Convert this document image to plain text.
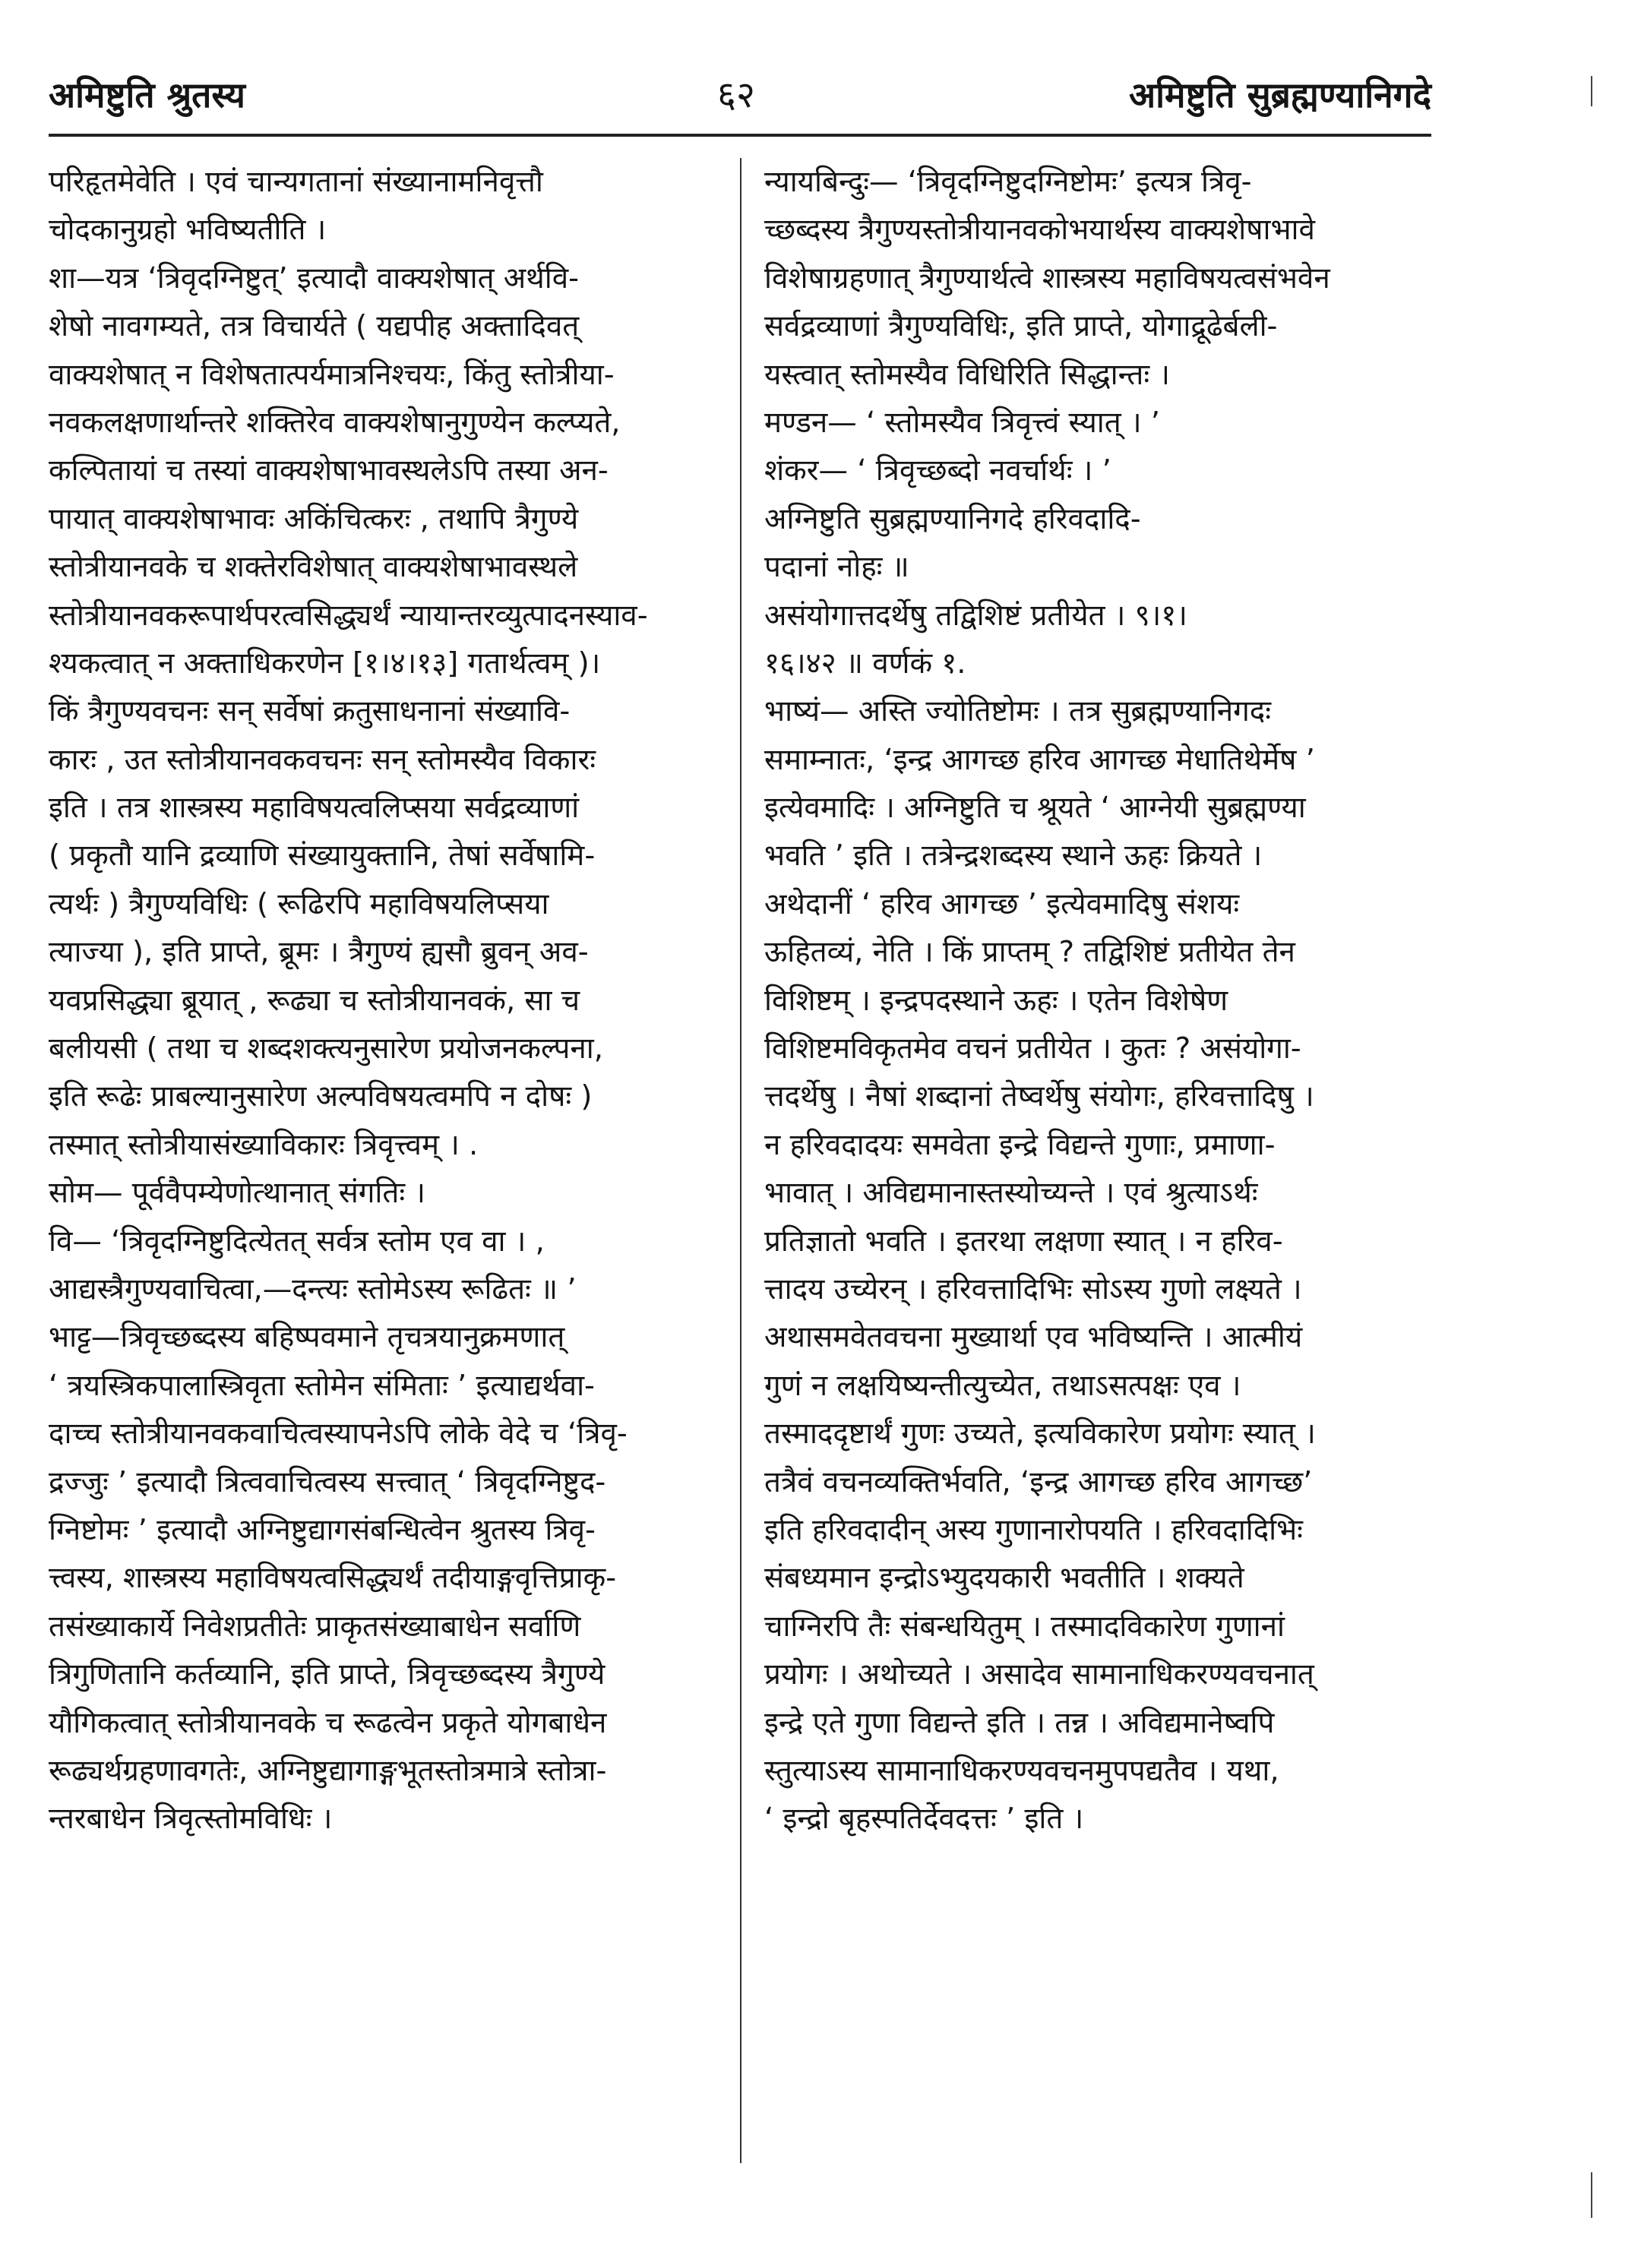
अमिष्टुति श्रुतस्य	६२	अमिष्टुति सुब्रह्मण्यानिगदे
परिहृतमेवेति । एवं चान्यगतानां संख्यानामनिवृत्तौ
चोदकानुग्रहो भविष्यतीति ।
शा—यत्र ‘त्रिवृदग्निष्टुत्’ इत्यादौ वाक्यशेषात् अर्थवि-
शेषो नावगम्यते, तत्र विचार्यते ( यद्यपीह अक्तादिवत्
वाक्यशेषात् न विशेषतात्पर्यमात्रनिश्चयः, किंतु स्तोत्रीया-
नवकलक्षणार्थान्तरे शक्तिरेव वाक्यशेषानुगुण्येन कल्प्यते,
कल्पितायां च तस्यां वाक्यशेषाभावस्थलेऽपि तस्या अन-
पायात् वाक्यशेषाभावः अकिंचित्करः , तथापि त्रैगुण्ये
स्तोत्रीयानवके च शक्तेरविशेषात् वाक्यशेषाभावस्थले
स्तोत्रीयानवकरूपार्थपरत्वसिद्ध्यर्थं न्यायान्तरव्युत्पादनस्याव-
श्यकत्वात् न अक्ताधिकरणेन [१।४।१३] गतार्थत्वम् )।
किं त्रैगुण्यवचनः सन् सर्वेषां क्रतुसाधनानां संख्यावि-
कारः , उत स्तोत्रीयानवकवचनः सन् स्तोमस्यैव विकारः
इति । तत्र शास्त्रस्य महाविषयत्वलिप्सया सर्वद्रव्याणां
( प्रकृतौ यानि द्रव्याणि संख्यायुक्तानि, तेषां सर्वेषामि-
त्यर्थः ) त्रैगुण्यविधिः ( रूढिरपि महाविषयलिप्सया
त्याज्या ), इति प्राप्ते, ब्रूमः । त्रैगुण्यं ह्यसौ ब्रुवन् अव-
यवप्रसिद्ध्या ब्रूयात् , रूढ्या च स्तोत्रीयानवकं, सा च
बलीयसी ( तथा च शब्दशक्त्यनुसारेण प्रयोजनकल्पना,
इति रूढेः प्राबल्यानुसारेण अल्पविषयत्वमपि न दोषः )
तस्मात् स्तोत्रीयासंख्याविकारः त्रिवृत्त्वम् । .
सोम— पूर्ववैपम्येणोत्थानात् संगतिः ।
वि— ‘त्रिवृदग्निष्टुदित्येतत् सर्वत्र स्तोम एव वा । ,
आद्यस्त्रैगुण्यवाचित्वा,—दन्त्यः स्तोमेऽस्य रूढितः ॥ ’
भाट्ट—त्रिवृच्छब्दस्य बहिष्पवमाने तृचत्रयानुक्रमणात्
‘ त्रयस्त्रिकपालास्त्रिवृता स्तोमेन संमिताः ’ इत्याद्यर्थवा-
दाच्च स्तोत्रीयानवकवाचित्वस्यापनेऽपि लोके वेदे च ‘त्रिवृ-
द्रज्जुः ’ इत्यादौ त्रित्ववाचित्वस्य सत्त्वात् ‘ त्रिवृदग्निष्टुद-
ग्निष्टोमः ’ इत्यादौ अग्निष्टुद्यागसंबन्धित्वेन श्रुतस्य त्रिवृ-
त्त्वस्य, शास्त्रस्य महाविषयत्वसिद्ध्यर्थं तदीयाङ्गवृत्तिप्राकृ-
तसंख्याकार्ये निवेशप्रतीतेः प्राकृतसंख्याबाधेन सर्वाणि
त्रिगुणितानि कर्तव्यानि, इति प्राप्ते, त्रिवृच्छब्दस्य त्रैगुण्ये
यौगिकत्वात् स्तोत्रीयानवके च रूढत्वेन प्रकृते योगबाधेन
रूढ्यर्थग्रहणावगतेः, अग्निष्टुद्यागाङ्गभूतस्तोत्रमात्रे स्तोत्रा-
न्तरबाधेन त्रिवृत्स्तोमविधिः ।
न्यायबिन्दुः— ‘त्रिवृदग्निष्टुदग्निष्टोमः’ इत्यत्र त्रिवृ-
च्छब्दस्य त्रैगुण्यस्तोत्रीयानवकोभयार्थस्य वाक्यशेषाभावे
विशेषाग्रहणात् त्रैगुण्यार्थत्वे शास्त्रस्य महाविषयत्वसंभवेन
सर्वद्रव्याणां त्रैगुण्यविधिः, इति प्राप्ते, योगाद्रूढेर्बली-
यस्त्वात् स्तोमस्यैव विधिरिति सिद्धान्तः ।
मण्डन— ‘ स्तोमस्यैव त्रिवृत्त्वं स्यात् । ’
शंकर— ‘ त्रिवृच्छब्दो नवर्चार्थः । ’
अग्निष्टुति सुब्रह्मण्यानिगदे हरिवदादि-
पदानां नोहः ॥
असंयोगात्तदर्थेषु तद्विशिष्टं प्रतीयेत । ९।१।
१६।४२ ॥ वर्णकं १.
भाष्यं— अस्ति ज्योतिष्टोमः । तत्र सुब्रह्मण्यानिगदः
समाम्नातः, ‘इन्द्र आगच्छ हरिव आगच्छ मेधातिथेर्मेष ’
इत्येवमादिः । अग्निष्टुति च श्रूयते ‘ आग्नेयी सुब्रह्मण्या
भवति ’ इति । तत्रेन्द्रशब्दस्य स्थाने ऊहः क्रियते ।
अथेदानीं ‘ हरिव आगच्छ ’ इत्येवमादिषु संशयः
ऊहितव्यं, नेति । किं प्राप्तम् ? तद्विशिष्टं प्रतीयेत तेन
विशिष्टम् । इन्द्रपदस्थाने ऊहः । एतेन विशेषेण
विशिष्टमविकृतमेव वचनं प्रतीयेत । कुतः ? असंयोगा-
त्तदर्थेषु । नैषां शब्दानां तेष्वर्थेषु संयोगः, हरिवत्तादिषु ।
न हरिवदादयः समवेता इन्द्रे विद्यन्ते गुणाः, प्रमाणा-
भावात् । अविद्यमानास्तस्योच्यन्ते । एवं श्रुत्याऽर्थः
प्रतिज्ञातो भवति । इतरथा लक्षणा स्यात् । न हरिव-
त्तादय उच्येरन् । हरिवत्तादिभिः सोऽस्य गुणो लक्ष्यते ।
अथासमवेतवचना मुख्यार्था एव भविष्यन्ति । आत्मीयं
गुणं न लक्षयिष्यन्तीत्युच्येत, तथाऽसत्पक्षः एव ।
तस्माददृष्टार्थं गुणः उच्यते, इत्यविकारेण प्रयोगः स्यात् ।
तत्रैवं वचनव्यक्तिर्भवति, ‘इन्द्र आगच्छ हरिव आगच्छ’
इति हरिवदादीन् अस्य गुणानारोपयति । हरिवदादिभिः
संबध्यमान इन्द्रोऽभ्युदयकारी भवतीति । शक्यते
चाग्निरपि तैः संबन्धयितुम् । तस्मादविकारेण गुणानां
प्रयोगः । अथोच्यते । असादेव सामानाधिकरण्यवचनात्
इन्द्रे एते गुणा विद्यन्ते इति । तन्न । अविद्यमानेष्वपि
स्तुत्याऽस्य सामानाधिकरण्यवचनमुपपद्यतैव । यथा,
‘ इन्द्रो बृहस्पतिर्देवदत्तः ’ इति ।
